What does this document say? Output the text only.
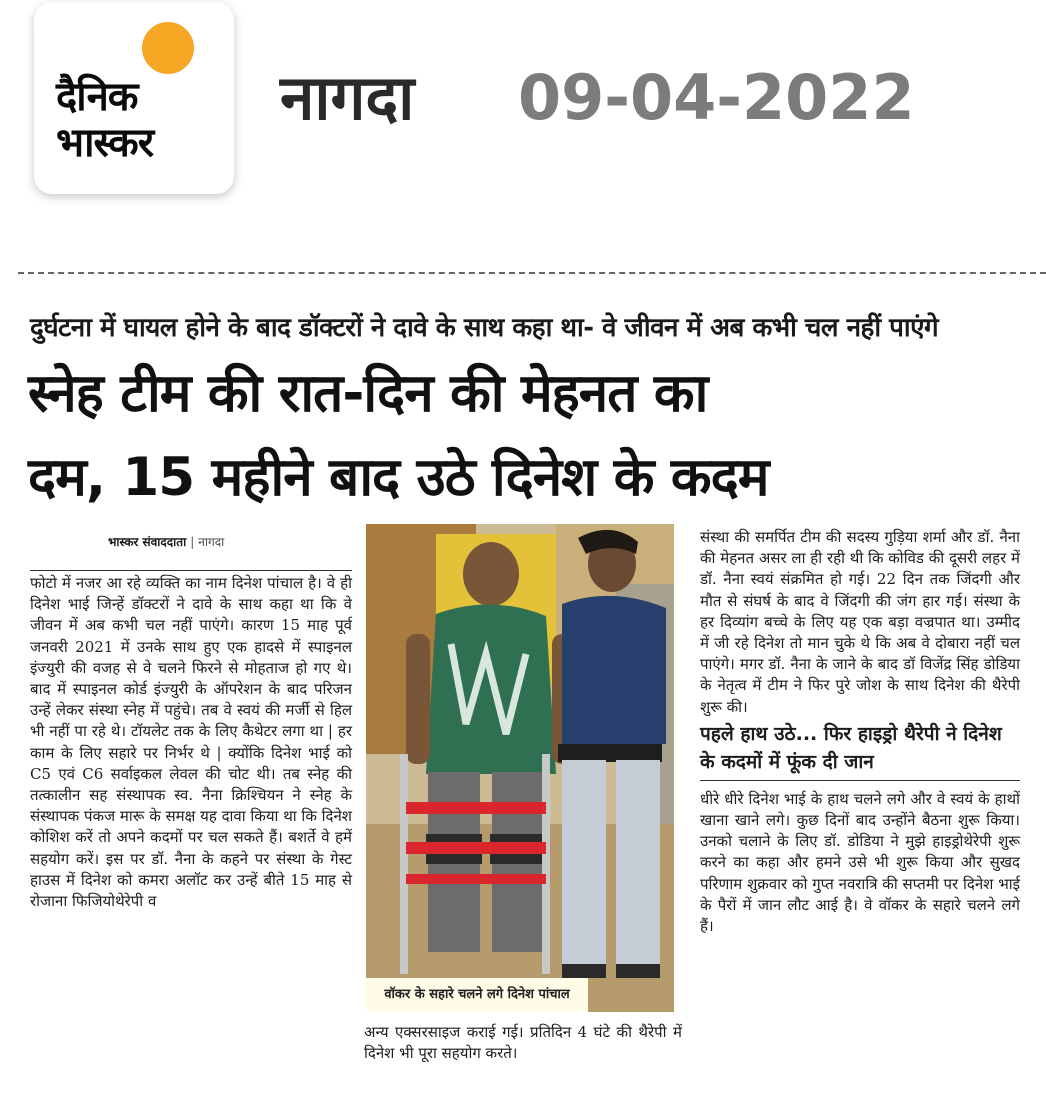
दैनिक
भास्कर
नागदा 09-04-2022
दुर्घटना में घायल होने के बाद डॉक्टरों ने दावे के साथ कहा था- वे जीवन में अब कभी चल नहीं पाएंगे
स्नेह टीम की रात-दिन की मेहनत का
दम, 15 महीने बाद उठे दिनेश के कदम
भास्कर संवाददाता | नागदा

फोटो में नजर आ रहे व्यक्ति का नाम दिनेश पांचाल है। वे ही दिनेश भाई जिन्हें डॉक्टरों ने दावे के साथ कहा था कि वे जीवन में अब कभी चल नहीं पाएंगे। कारण 15 माह पूर्व जनवरी 2021 में उनके साथ हुए एक हादसे में स्पाइनल इंज्युरी की वजह से वे चलने फिरने से मोहताज हो गए थे। बाद में स्पाइनल कोर्ड इंज्युरी के ऑपरेशन के बाद परिजन उन्हें लेकर संस्था स्नेह में पहुंचे। तब वे स्वयं की मर्जी से हिल भी नहीं पा रहे थे। टॉयलेट तक के लिए कैथेटर लगा था | हर काम के लिए सहारे पर निर्भर थे | क्योंकि दिनेश भाई को C5 एवं C6 सर्वाइकल लेवल की चोट थी। तब स्नेह की तत्कालीन सह संस्थापक स्व. नैना क्रिश्चियन ने स्नेह के संस्थापक पंकज मारू के समक्ष यह दावा किया था कि दिनेश कोशिश करें तो अपने कदमों पर चल सकते हैं। बशर्ते वे हमें सहयोग करें। इस पर डॉ. नैना के कहने पर संस्था के गेस्ट हाउस में दिनेश को कमरा अलॉट कर उन्हें बीते 15 माह से रोजाना फिजियोथेरेपी व

वॉकर के सहारे चलने लगे दिनेश पांचाल

अन्य एक्सरसाइज कराई गई। प्रतिदिन 4 घंटे की थैरेपी में दिनेश भी पूरा सहयोग करते।

संस्था की समर्पित टीम की सदस्य गुड़िया शर्मा और डॉ. नैना की मेहनत असर ला ही रही थी कि कोविड की दूसरी लहर में डॉ. नैना स्वयं संक्रमित हो गई। 22 दिन तक जिंदगी और मौत से संघर्ष के बाद वे जिंदगी की जंग हार गई। संस्था के हर दिव्यांग बच्चे के लिए यह एक बड़ा वज्रपात था। उम्मीद में जी रहे दिनेश तो मान चुके थे कि अब वे दोबारा नहीं चल पाएंगे। मगर डॉ. नैना के जाने के बाद डॉ विजेंद्र सिंह डोडिया के नेतृत्व में टीम ने फिर पुरे जोश के साथ दिनेश की थैरेपी शुरू की।

पहले हाथ उठे... फिर हाइड्रो थैरेपी ने दिनेश के कदमों में फूंक दी जान

धीरे धीरे दिनेश भाई के हाथ चलने लगे और वे स्वयं के हाथों खाना खाने लगे। कुछ दिनों बाद उन्होंने बैठना शुरू किया। उनको चलाने के लिए डॉ. डोडिया ने मुझे हाइड्रोथेरेपी शुरू करने का कहा और हमने उसे भी शुरू किया और सुखद परिणाम शुक्रवार को गुप्त नवरात्रि की सप्तमी पर दिनेश भाई के पैरों में जान लौट आई है। वे वॉकर के सहारे चलने लगे हैं।
